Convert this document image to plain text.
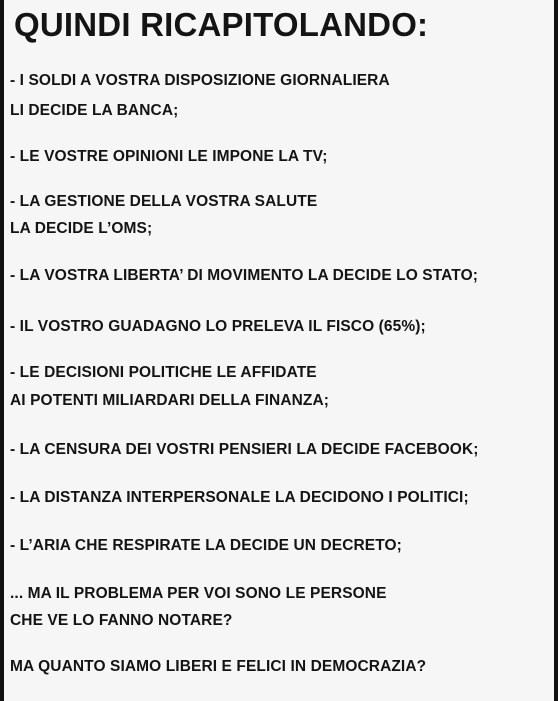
QUINDI RICAPITOLANDO:
- I SOLDI A VOSTRA DISPOSIZIONE GIORNALIERA
LI DECIDE LA BANCA;
- LE VOSTRE OPINIONI LE IMPONE LA TV;
- LA GESTIONE DELLA VOSTRA SALUTE
LA DECIDE L’OMS;
- LA VOSTRA LIBERTA’ DI MOVIMENTO LA DECIDE LO STATO;
- IL VOSTRO GUADAGNO LO PRELEVA IL FISCO (65%);
- LE DECISIONI POLITICHE LE AFFIDATE
AI POTENTI MILIARDARI DELLA FINANZA;
- LA CENSURA DEI VOSTRI PENSIERI LA DECIDE FACEBOOK;
- LA DISTANZA INTERPERSONALE LA DECIDONO I POLITICI;
- L’ARIA CHE RESPIRATE LA DECIDE UN DECRETO;
... MA IL PROBLEMA PER VOI SONO LE PERSONE
CHE VE LO FANNO NOTARE?
MA QUANTO SIAMO LIBERI E FELICI IN DEMOCRAZIA?
